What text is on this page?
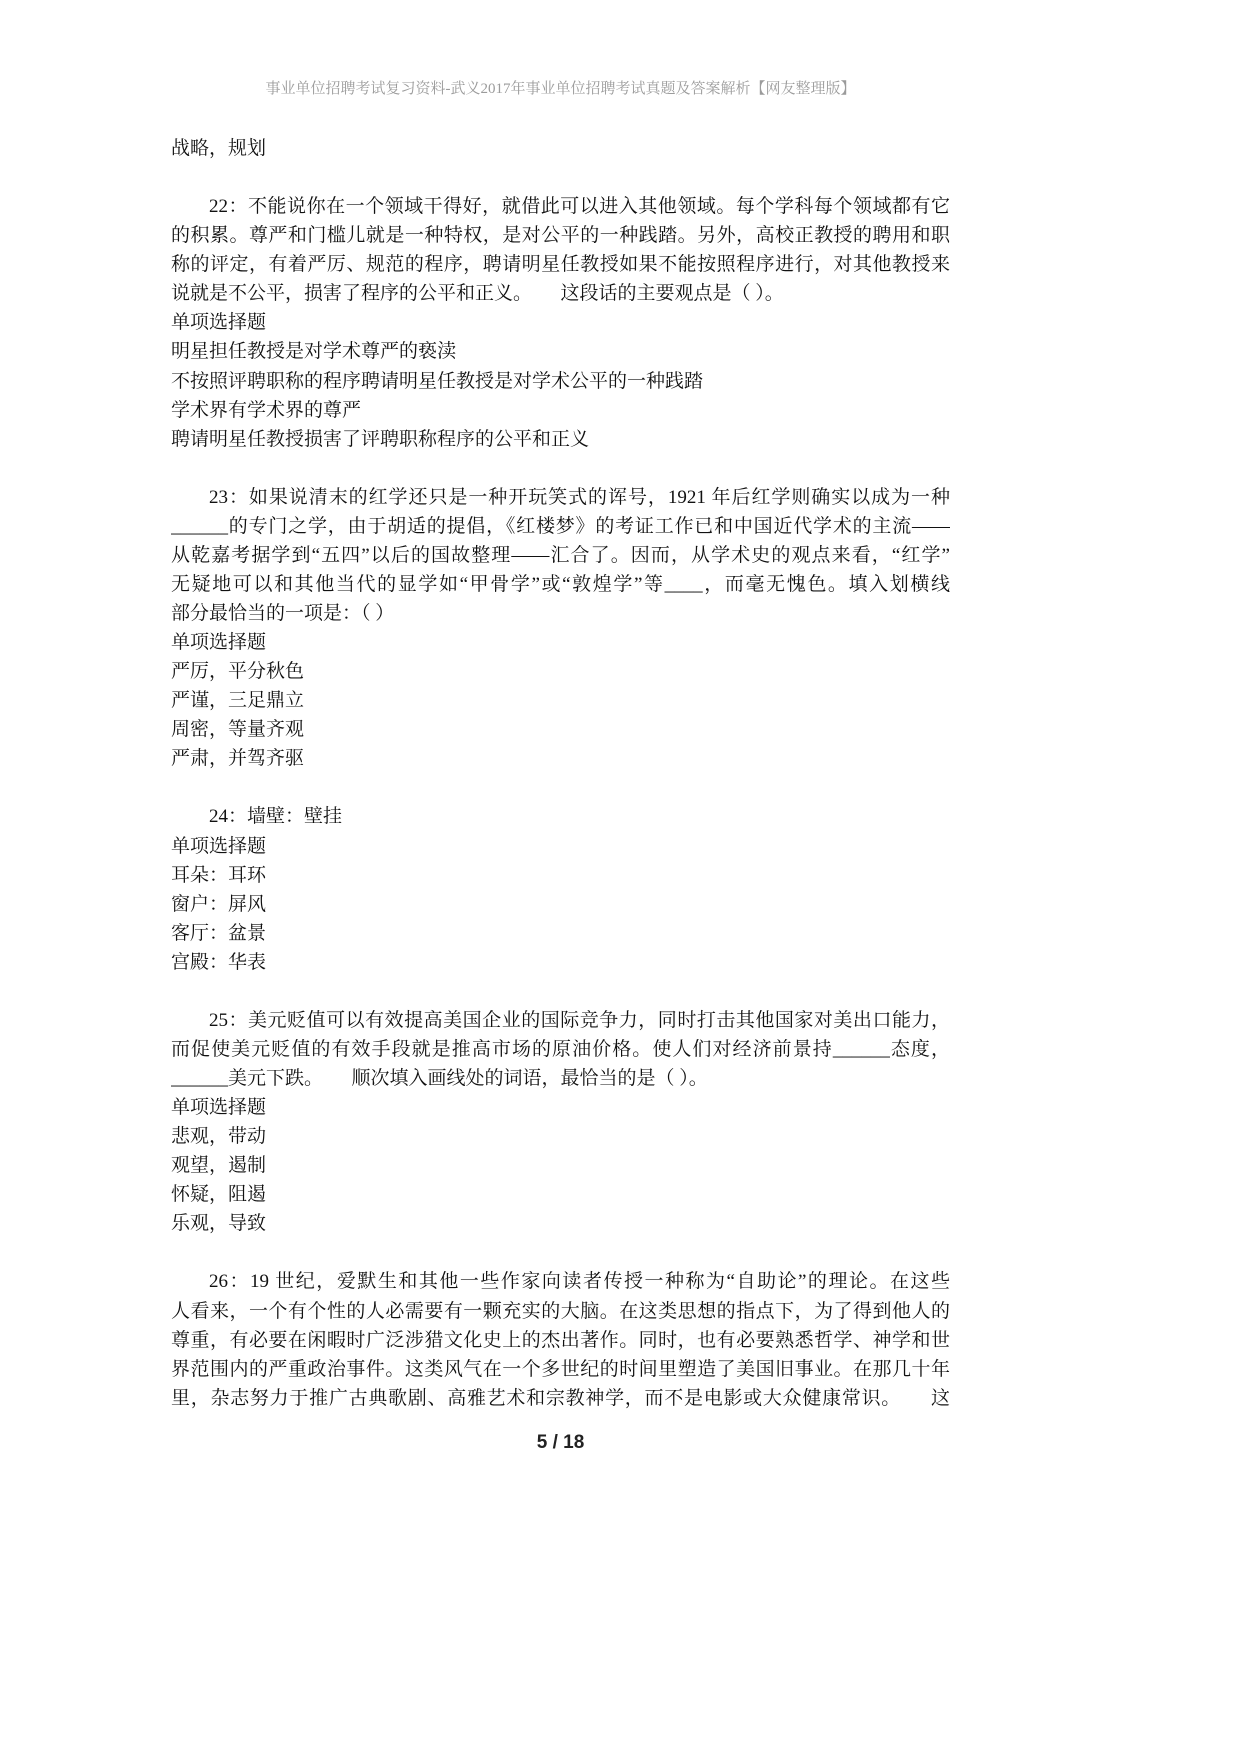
事业单位招聘考试复习资料-武义2017年事业单位招聘考试真题及答案解析【网友整理版】
战略，规划
22：不能说你在一个领域干得好，就借此可以进入其他领域。每个学科每个领域都有它
的积累。尊严和门槛儿就是一种特权，是对公平的一种践踏。另外，高校正教授的聘用和职
称的评定，有着严厉、规范的程序，聘请明星任教授如果不能按照程序进行，对其他教授来
说就是不公平，损害了程序的公平和正义。　　这段话的主要观点是（ ）。
单项选择题
明星担任教授是对学术尊严的亵渎
不按照评聘职称的程序聘请明星任教授是对学术公平的一种践踏
学术界有学术界的尊严
聘请明星任教授损害了评聘职称程序的公平和正义
23：如果说清末的红学还只是一种开玩笑式的诨号，1921 年后红学则确实以成为一种
______的专门之学，由于胡适的提倡，《红楼梦》的考证工作已和中国近代学术的主流——
从乾嘉考据学到“五四”以后的国故整理——汇合了。因而，从学术史的观点来看，“红学”
无疑地可以和其他当代的显学如“甲骨学”或“敦煌学”等____，而毫无愧色。填入划横线
部分最恰当的一项是：（ ）
单项选择题
严厉，平分秋色
严谨，三足鼎立
周密，等量齐观
严肃，并驾齐驱
24：墙壁：壁挂
单项选择题
耳朵：耳环
窗户：屏风
客厅：盆景
宫殿：华表
25：美元贬值可以有效提高美国企业的国际竞争力，同时打击其他国家对美出口能力，
而促使美元贬值的有效手段就是推高市场的原油价格。使人们对经济前景持______态度，
______美元下跌。　　顺次填入画线处的词语，最恰当的是（ ）。
单项选择题
悲观，带动
观望，遏制
怀疑，阻遏
乐观，导致
26：19 世纪，爱默生和其他一些作家向读者传授一种称为“自助论”的理论。在这些
人看来，一个有个性的人必需要有一颗充实的大脑。在这类思想的指点下，为了得到他人的
尊重，有必要在闲暇时广泛涉猎文化史上的杰出著作。同时，也有必要熟悉哲学、神学和世
界范围内的严重政治事件。这类风气在一个多世纪的时间里塑造了美国旧事业。在那几十年
里，杂志努力于推广古典歌剧、高雅艺术和宗教神学，而不是电影或大众健康常识。　　这
5 / 18
